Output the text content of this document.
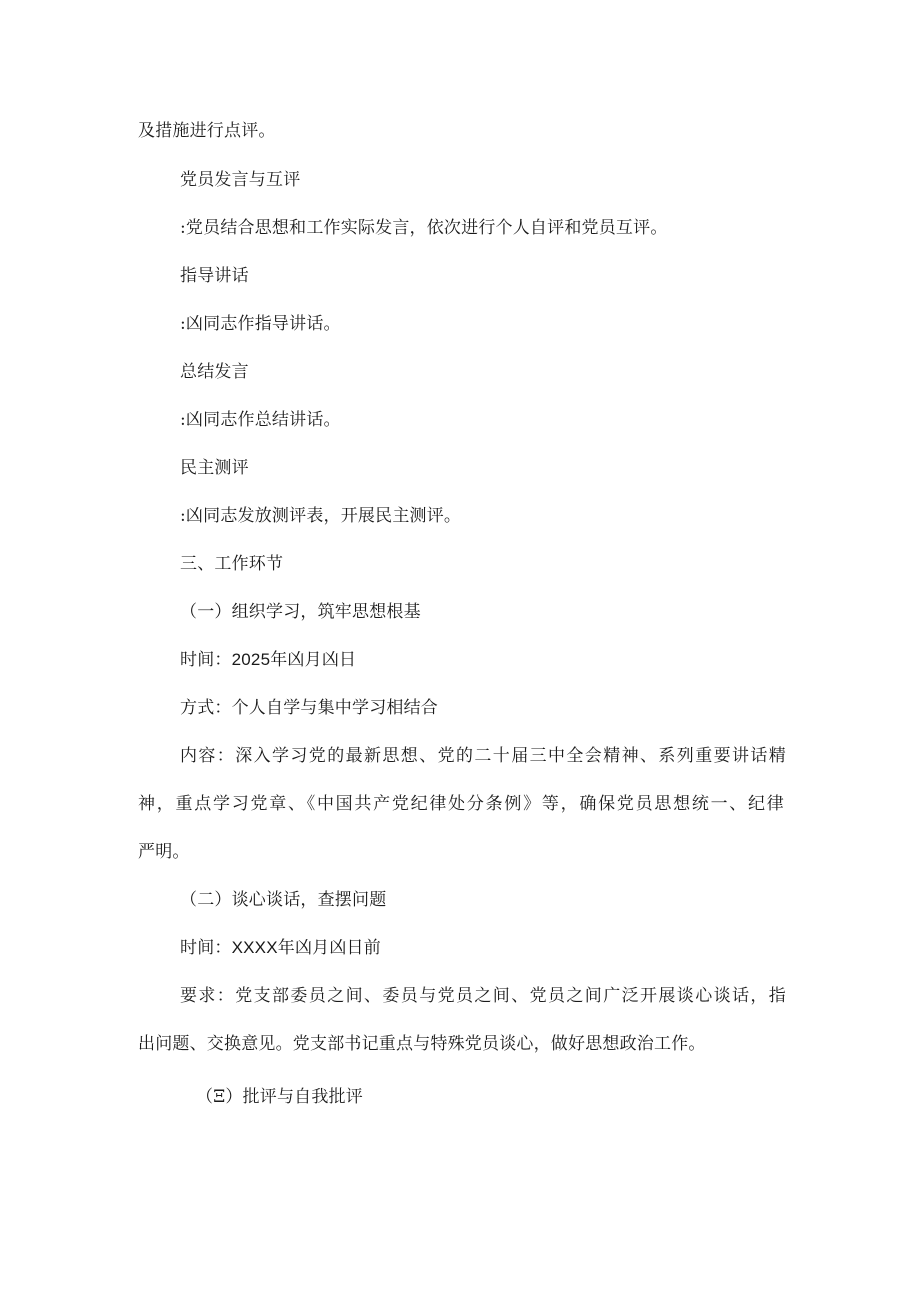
及措施进行点评。
党员发言与互评
:党员结合思想和工作实际发言，依次进行个人自评和党员互评。
指导讲话
:凶同志作指导讲话。
总结发言
:凶同志作总结讲话。
民主测评
:凶同志发放测评表，开展民主测评。
三、工作环节
（一）组织学习，筑牢思想根基
时间：2025年凶月凶日
方式：个人自学与集中学习相结合
内容：深入学习党的最新思想、党的二十届三中全会精神、系列重要讲话精
神，重点学习党章、《中国共产党纪律处分条例》等，确保党员思想统一、纪律
严明。
（二）谈心谈话，查摆问题
时间：XXXX年凶月凶日前
要求：党支部委员之间、委员与党员之间、党员之间广泛开展谈心谈话，指
出问题、交换意见。党支部书记重点与特殊党员谈心，做好思想政治工作。
（Ξ）批评与自我批评
